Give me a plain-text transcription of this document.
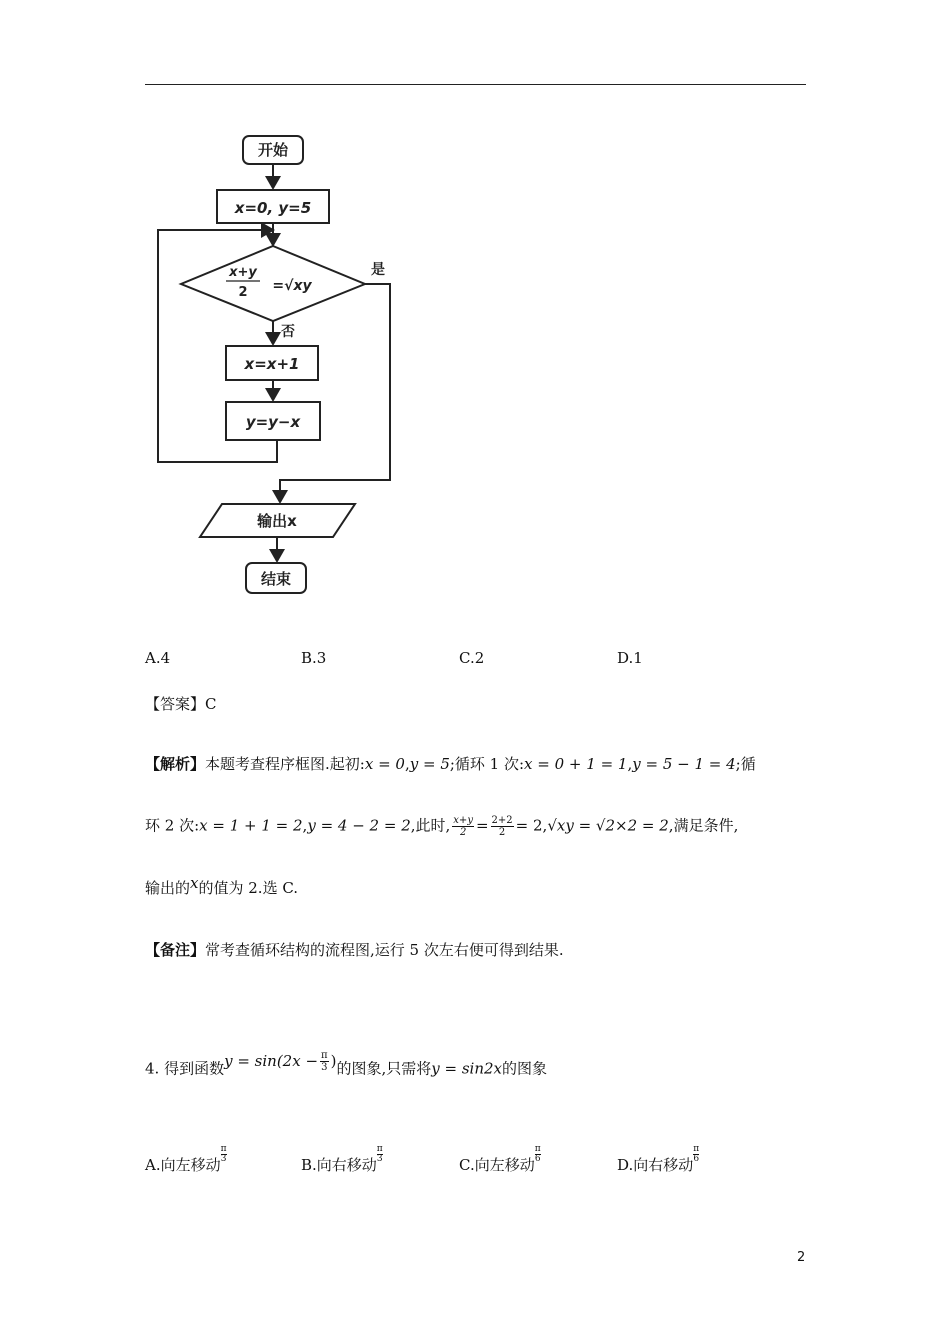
开始
x=0, y=5
x+y
2 =√xy
是
否
x=x+1
y=y−x
输出x
结束
A.4	B.3	C.2	D.1
【答案】C
【解析】本题考查程序框图.起初:x = 0,y = 5;循环 1 次:x = 0 + 1 = 1,y = 5 − 1 = 4;循
环 2 次:x = 1 + 1 = 2,y = 4 − 2 = 2,此时, $\frac{x+y}{2} = \frac{2+2}{2} = 2,√xy = √2\times 2 = 2$,满足条件,
输出的x的值为 2.选 C.
【备注】常考查循环结构的流程图,运行 5 次左右便可得到结果.
4. 得到函数$y = \sin(2x - \frac{\pi}{3}$ )的图象,只需将y = sin2x的图象
A.向左移动
$\frac{\pi}{3}$
B.向右移动
$\frac{\pi}{3}$
C.向左移动
$\frac{\pi}{6}$
D.向右移动
$\frac{\pi}{6}$
2
